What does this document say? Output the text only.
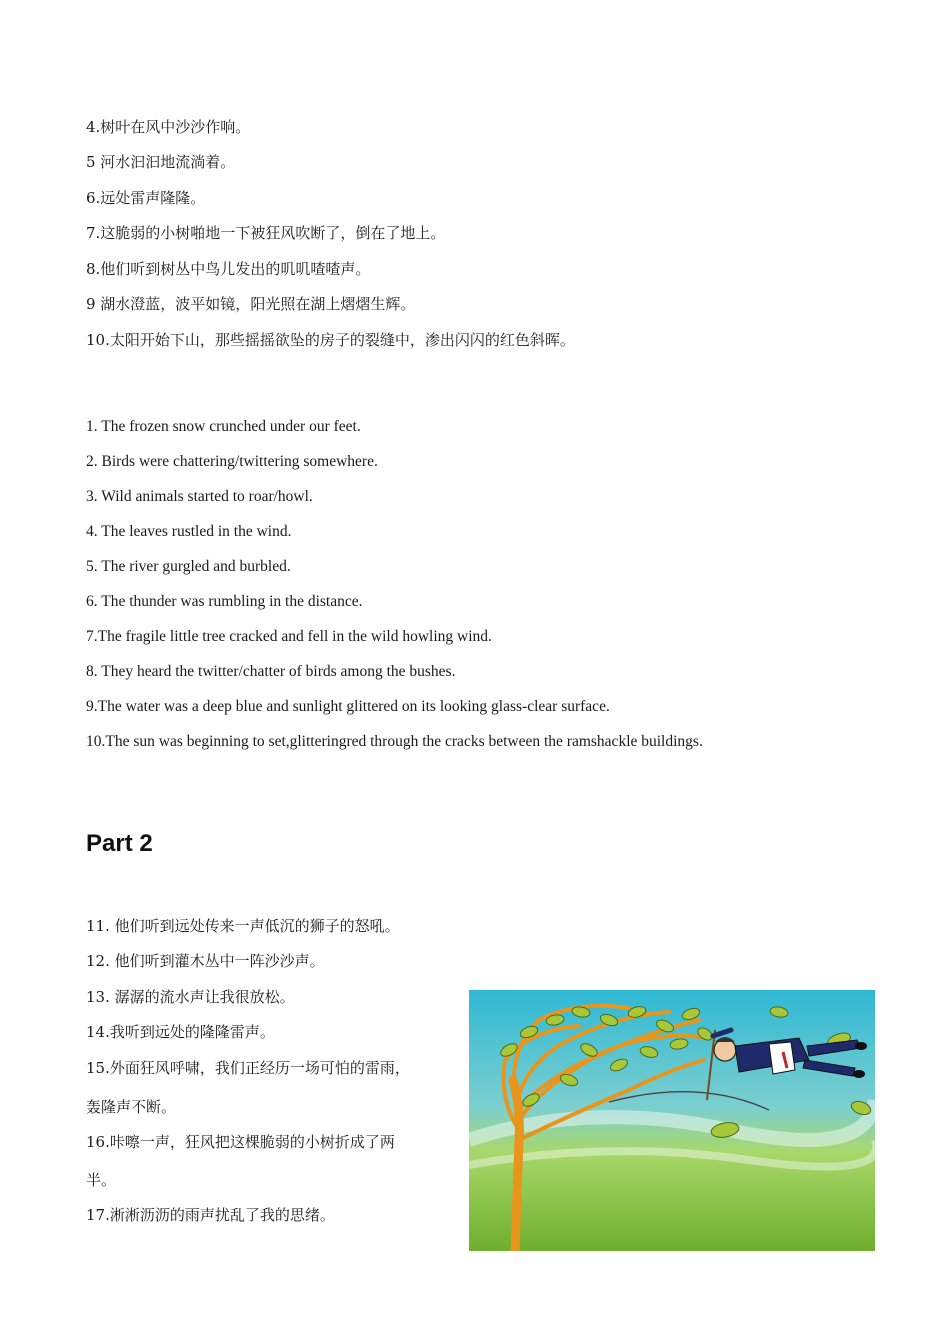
4.树叶在风中沙沙作响。
5 河水汩汩地流淌着。
6.远处雷声隆隆。
7.这脆弱的小树啪地一下被狂风吹断了，倒在了地上。
8.他们听到树丛中鸟儿发出的叽叽喳喳声。
9 湖水澄蓝，波平如镜，阳光照在湖上熠熠生辉。
10.太阳开始下山，那些摇摇欲坠的房子的裂缝中，渗出闪闪的红色斜晖。
1. The frozen snow crunched under our feet.
2. Birds were chattering/twittering somewhere.
3. Wild animals started to roar/howl.
4. The leaves rustled in the wind.
5. The river gurgled and burbled.
6. The thunder was rumbling in the distance.
7.The fragile little tree cracked and fell in the wild howling wind.
8. They heard the twitter/chatter of birds among the bushes.
9.The water was a deep blue and sunlight glittered on its looking glass-clear surface.
10.The sun was beginning to set,glitteringred through the cracks between the ramshackle buildings.
Part 2
11. 他们听到远处传来一声低沉的狮子的怒吼。
12. 他们听到灌木丛中一阵沙沙声。
13. 潺潺的流水声让我很放松。
14.我听到远处的隆隆雷声。
15.外面狂风呼啸，我们正经历一场可怕的雷雨，
轰隆声不断。
16.咔嚓一声，狂风把这棵脆弱的小树折成了两
半。
17.淅淅沥沥的雨声扰乱了我的思绪。
